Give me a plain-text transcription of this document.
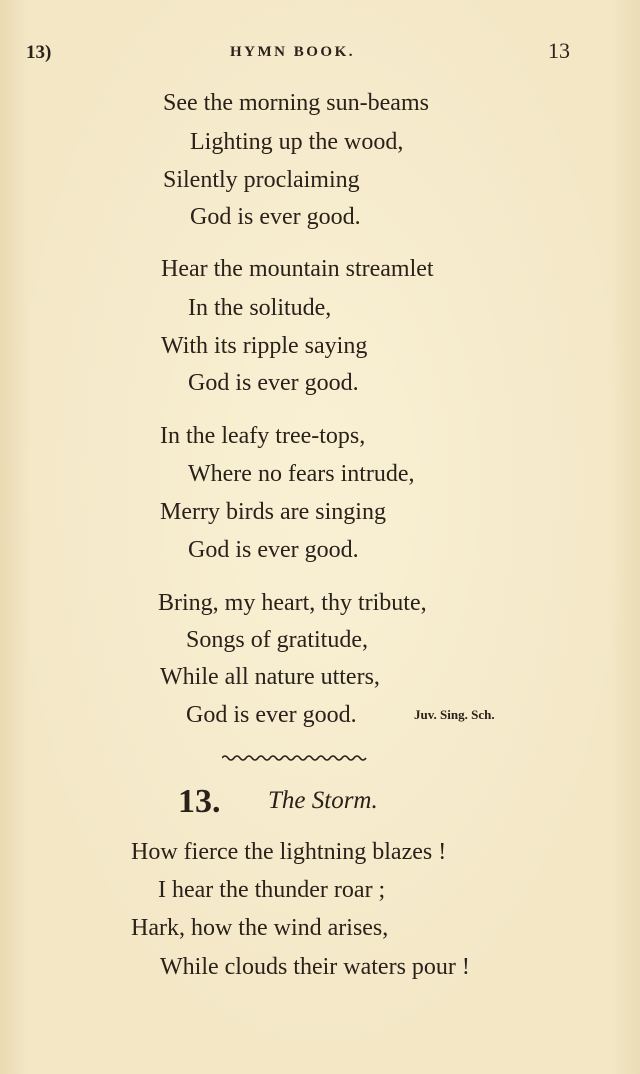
13)	HYMN BOOK.	13
See the morning sun-beams
Lighting up the wood,
Silently proclaiming
God is ever good.
Hear the mountain streamlet
In the solitude,
With its ripple saying
God is ever good.
In the leafy tree-tops,
Where no fears intrude,
Merry birds are singing
God is ever good.
Bring, my heart, thy tribute,
Songs of gratitude,
While all nature utters,
God is ever good.	Juv. Sing. Sch.
13. The Storm.
How fierce the lightning blazes !
I hear the thunder roar ;
Hark, how the wind arises,
While clouds their waters pour !
